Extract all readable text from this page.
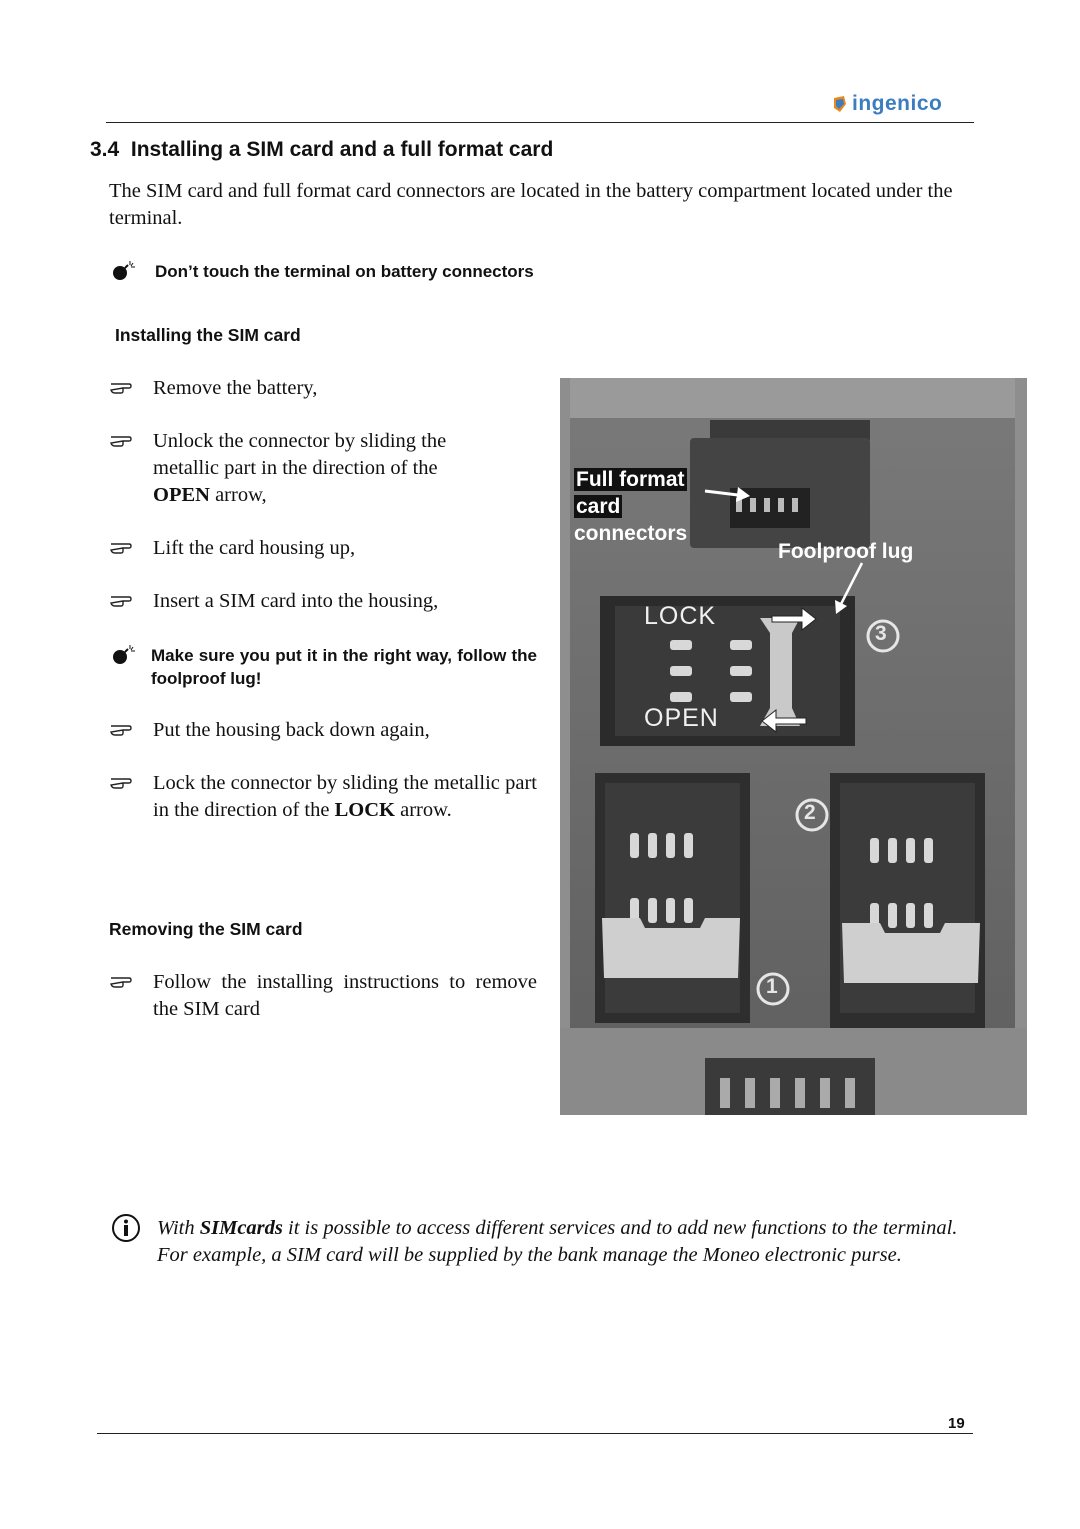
ingenico
3.4 Installing a SIM card and a full format card
The SIM card and full format card connectors are located in the battery compartment located under the terminal.
Don’t touch the terminal on battery connectors
Installing the SIM card
Remove the battery,
Unlock the connector by sliding the metallic part in the direction of the OPEN arrow,
Lift the card housing up,
Insert a SIM card into the housing,
Make sure you put it in the right way, follow the foolproof lug!
Put the housing back down again,
Lock the connector by sliding the metallic part in the direction of the LOCK arrow.
Removing the SIM card
Follow the installing instructions to remove the SIM card
Full format
card
connectors
Foolproof lug
LOCK
OPEN
3
2
1
With SIMcards it is possible to access different services and to add new functions to the terminal. For example, a SIM card will be supplied by the bank manage the Moneo electronic purse.
19
